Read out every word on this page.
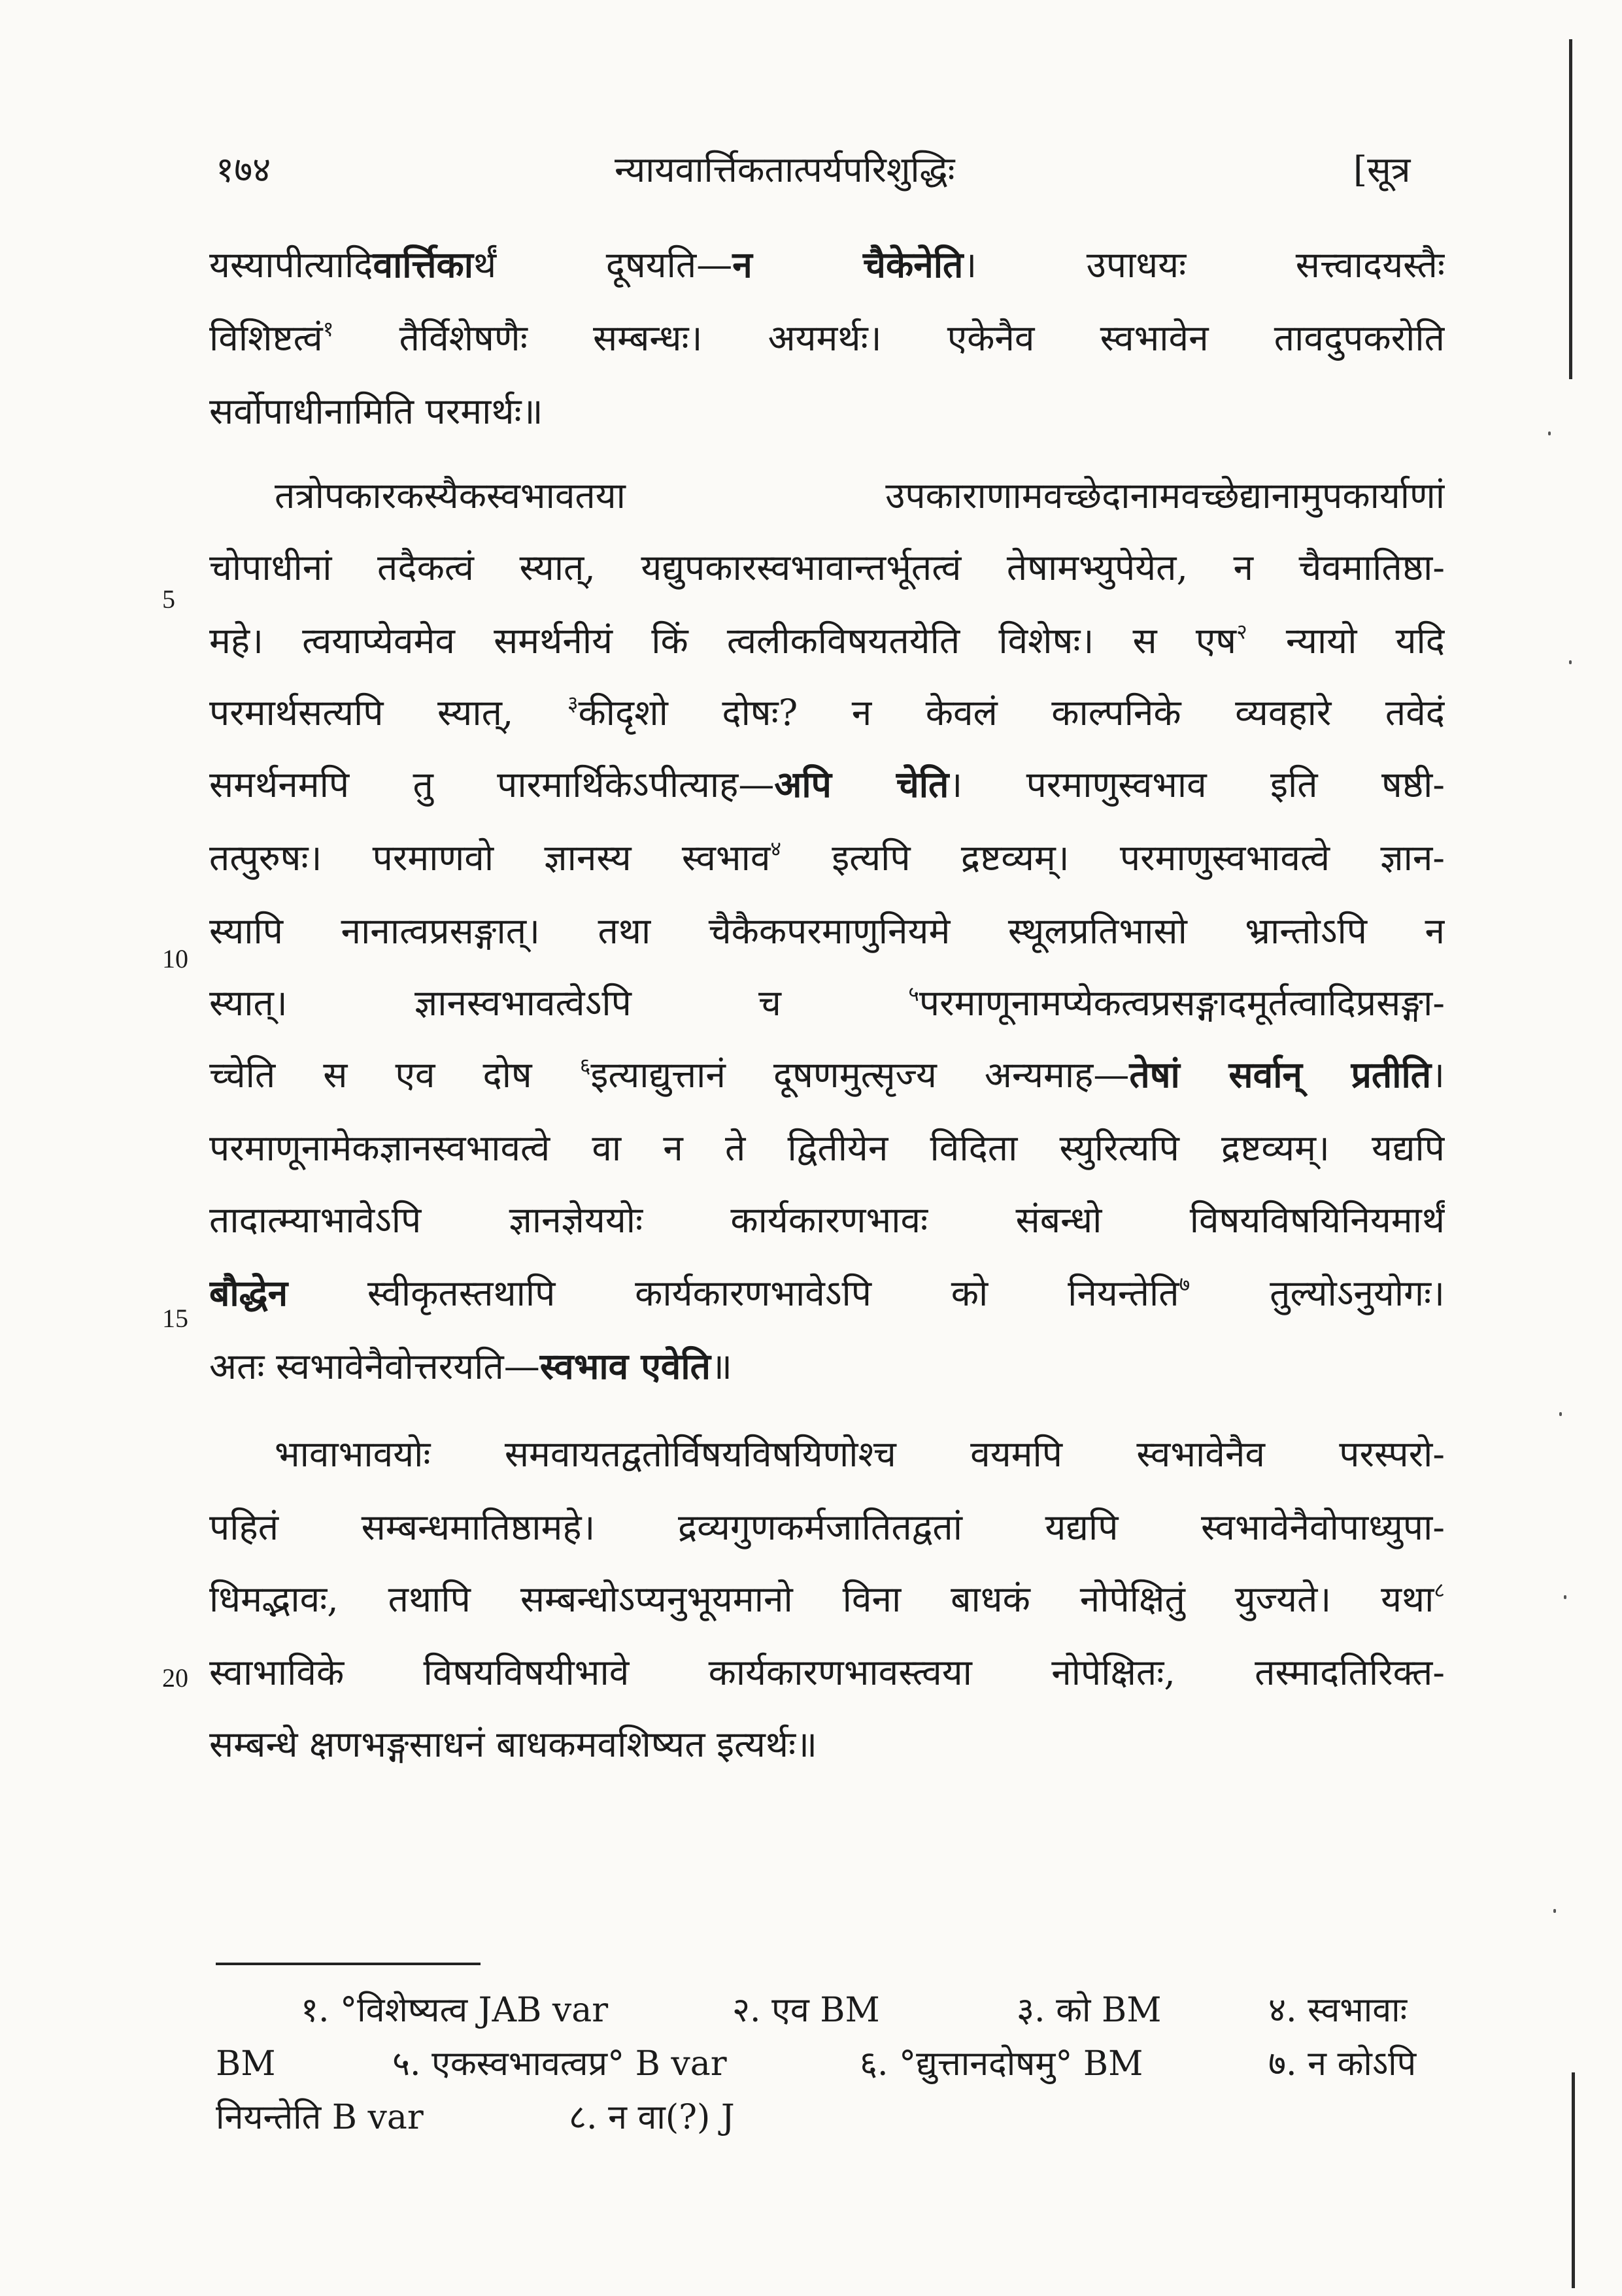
१७४	न्यायवार्त्तिकतात्पर्यपरिशुद्धिः	[सूत्र
यस्यापीत्यादिवार्त्तिकार्थं दूषयति—न चैकेनेति। उपाधयः सत्त्वादयस्तैः
विशिष्टत्वं$^१$ तैर्विशेषणैः सम्बन्धः। अयमर्थः। एकेनैव स्वभावेन तावदुपकरोति
सर्वोपाधीनामिति परमार्थः॥
तत्रोपकारकस्यैकस्वभावतया उपकाराणामवच्छेदानामवच्छेद्यानामुपकार्याणां
चोपाधीनां तदैकत्वं स्यात्, यद्युपकारस्वभावान्तर्भूतत्वं तेषामभ्युपेयेत, न चैवमातिष्ठा-
महे। त्वयाप्येवमेव समर्थनीयं किं त्वलीकविषयतयेति विशेषः। स एष$^२$ न्यायो यदि
परमार्थसत्यपि स्यात्, $^३$कीदृशो दोषः? न केवलं काल्पनिके व्यवहारे तवेदं
समर्थनमपि तु पारमार्थिकेऽपीत्याह—अपि चेति। परमाणुस्वभाव इति षष्ठी-
तत्पुरुषः। परमाणवो ज्ञानस्य स्वभाव$^४$ इत्यपि द्रष्टव्यम्। परमाणुस्वभावत्वे ज्ञान-
स्यापि नानात्वप्रसङ्गात्। तथा चैकैकपरमाणुनियमे स्थूलप्रतिभासो भ्रान्तोऽपि न
स्यात्। ज्ञानस्वभावत्वेऽपि च $^५$परमाणूनामप्येकत्वप्रसङ्गादमूर्तत्वादिप्रसङ्गा-
च्चेति स एव दोष $^६$इत्याद्युत्तानं दूषणमुत्सृज्य अन्यमाह—तेषां सर्वान् प्रतीति।
परमाणूनामेकज्ञानस्वभावत्वे वा न ते द्वितीयेन विदिता स्युरित्यपि द्रष्टव्यम्। यद्यपि
तादात्म्याभावेऽपि ज्ञानज्ञेययोः कार्यकारणभावः संबन्धो विषयविषयिनियमार्थं
बौद्धेन स्वीकृतस्तथापि कार्यकारणभावेऽपि को नियन्तेति$^७$ तुल्योऽनुयोगः।
अतः स्वभावेनैवोत्तरयति—स्वभाव एवेति॥
भावाभावयोः समवायतद्वतोर्विषयविषयिणोश्च वयमपि स्वभावेनैव परस्परो-
पहितं सम्बन्धमातिष्ठामहे। द्रव्यगुणकर्मजातितद्वतां यद्यपि स्वभावेनैवोपाध्युपा-
धिमद्भावः, तथापि सम्बन्धोऽप्यनुभूयमानो विना बाधकं नोपेक्षितुं युज्यते। यथा$^८$
स्वाभाविके विषयविषयीभावे कार्यकारणभावस्त्वया नोपेक्षितः, तस्मादतिरिक्त-
सम्बन्धे क्षणभङ्गसाधनं बाधकमवशिष्यत इत्यर्थः॥
5
10
15
20
१. °विशेष्यत्व JAB var	२. एव BM	३. को BM	४. स्वभावाः
BM	५. एकस्वभावत्वप्र° B var	६. °द्युत्तानदोषमु° BM	७. न कोऽपि
नियन्तेति B var	८. न वा(?) J
